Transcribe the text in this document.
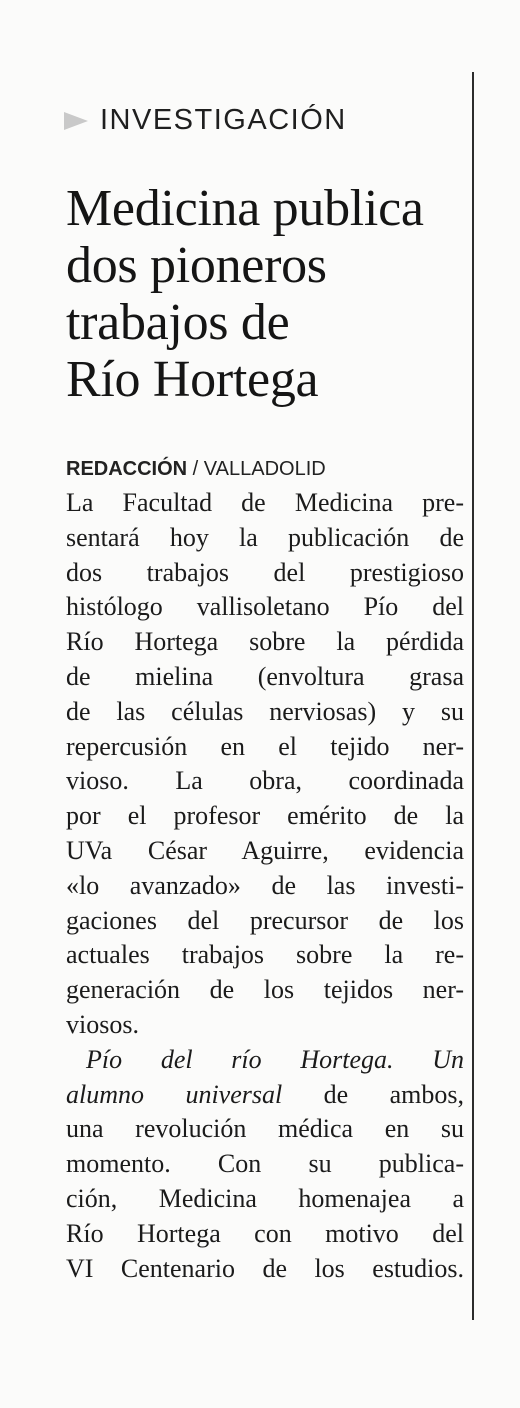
INVESTIGACIÓN
Medicina publica
dos pioneros
trabajos de
Río Hortega
REDACCIÓN / VALLADOLID
La Facultad de Medicina pre-
sentará hoy la publicación de
dos trabajos del prestigioso
histólogo vallisoletano Pío del
Río Hortega sobre la pérdida
de mielina (envoltura grasa
de las células nerviosas) y su
repercusión en el tejido ner-
vioso. La obra, coordinada
por el profesor emérito de la
UVa César Aguirre, evidencia
«lo avanzado» de las investi-
gaciones del precursor de los
actuales trabajos sobre la re-
generación de los tejidos ner-
viosos.
Pío del río Hortega. Un
alumno universal de ambos,
una revolución médica en su
momento. Con su publica-
ción, Medicina homenajea a
Río Hortega con motivo del
VI Centenario de los estudios.
